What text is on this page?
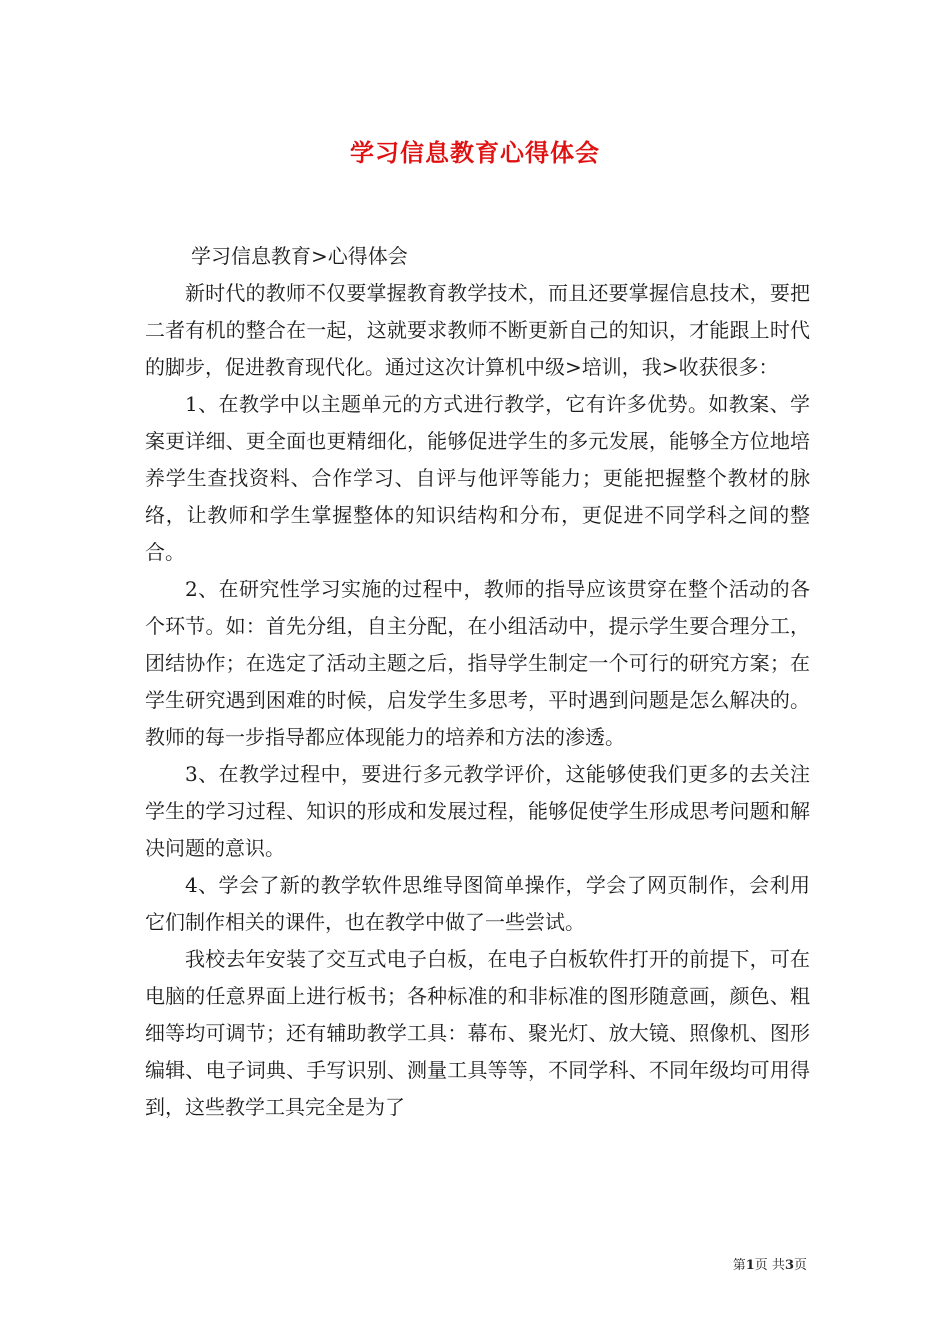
学习信息教育心得体会

学习信息教育>心得体会

新时代的教师不仅要掌握教育教学技术，而且还要掌握信息技术，要把二者有机的整合在一起，这就要求教师不断更新自己的知识，才能跟上时代的脚步，促进教育现代化。通过这次计算机中级>培训，我>收获很多：

1、在教学中以主题单元的方式进行教学，它有许多优势。如教案、学案更详细、更全面也更精细化，能够促进学生的多元发展，能够全方位地培养学生查找资料、合作学习、自评与他评等能力；更能把握整个教材的脉络，让教师和学生掌握整体的知识结构和分布，更促进不同学科之间的整合。

2、在研究性学习实施的过程中，教师的指导应该贯穿在整个活动的各个环节。如：首先分组，自主分配，在小组活动中，提示学生要合理分工，团结协作；在选定了活动主题之后，指导学生制定一个可行的研究方案；在学生研究遇到困难的时候，启发学生多思考，平时遇到问题是怎么解决的。教师的每一步指导都应体现能力的培养和方法的渗透。

3、在教学过程中，要进行多元教学评价，这能够使我们更多的去关注学生的学习过程、知识的形成和发展过程，能够促使学生形成思考问题和解决问题的意识。

4、学会了新的教学软件思维导图简单操作，学会了网页制作，会利用它们制作相关的课件，也在教学中做了一些尝试。

我校去年安装了交互式电子白板，在电子白板软件打开的前提下，可在电脑的任意界面上进行板书；各种标准的和非标准的图形随意画，颜色、粗细等均可调节；还有辅助教学工具：幕布、聚光灯、放大镜、照像机、图形编辑、电子词典、手写识别、测量工具等等，不同学科、不同年级均可用得到，这些教学工具完全是为了

第1页 共3页
